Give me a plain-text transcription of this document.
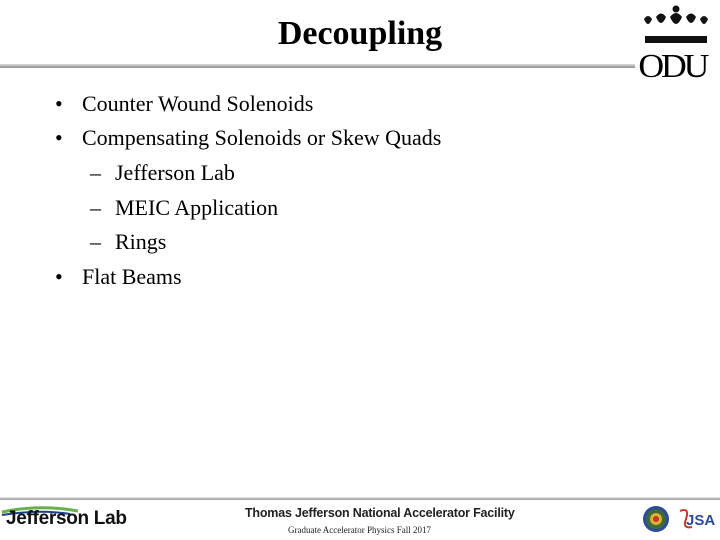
Decoupling
ODU
• Counter Wound Solenoids
• Compensating Solenoids or Skew Quads
– Jefferson Lab
– MEIC Application
– Rings
• Flat Beams
Jefferson Lab	Thomas Jefferson National Accelerator Facility
Graduate Accelerator Physics Fall 2017
JSA
